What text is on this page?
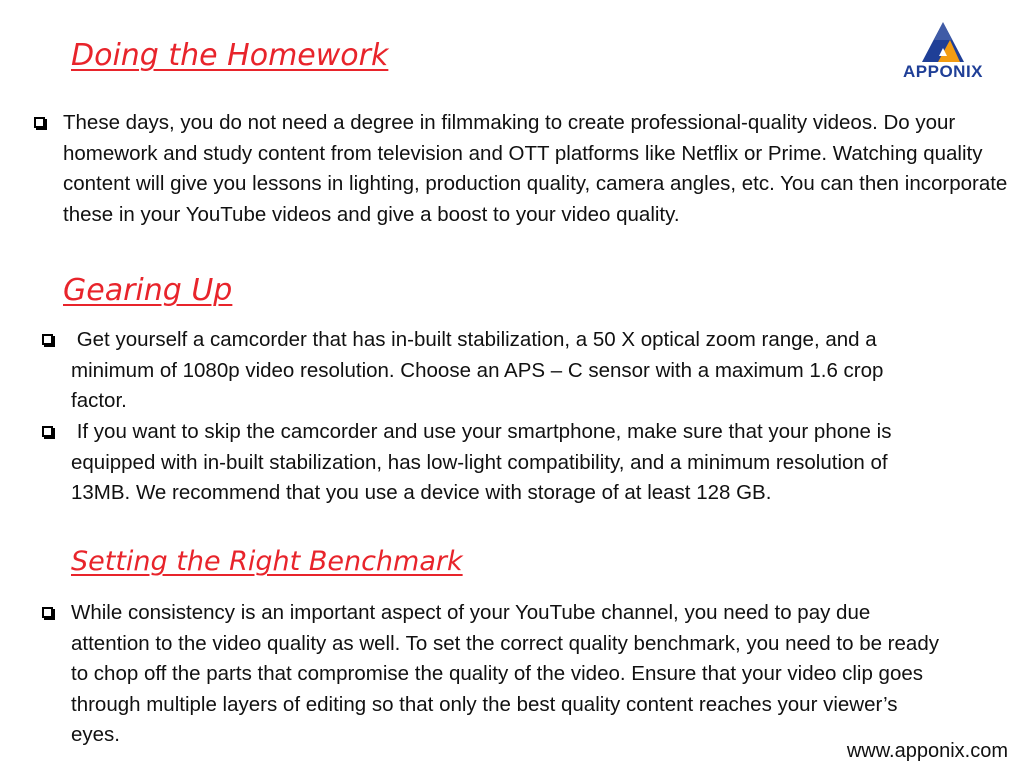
Doing the Homework
These days, you do not need a degree in filmmaking to create professional-quality videos. Do your homework and study content from television and OTT platforms like Netflix or Prime. Watching quality content will give you lessons in lighting, production quality, camera angles, etc. You can then incorporate these in your YouTube videos and give a boost to your video quality.
Gearing Up
Get yourself a camcorder that has in-built stabilization, a 50 X optical zoom range, and a minimum of 1080p video resolution. Choose an APS – C sensor with a maximum 1.6 crop factor.
If you want to skip the camcorder and use your smartphone, make sure that your phone is equipped with in-built stabilization, has low-light compatibility, and a minimum resolution of 13MB. We recommend that you use a device with storage of at least 128 GB.
Setting the Right Benchmark
While consistency is an important aspect of your YouTube channel, you need to pay due attention to the video quality as well. To set the correct quality benchmark, you need to be ready to chop off the parts that compromise the quality of the video. Ensure that your video clip goes through multiple layers of editing so that only the best quality content reaches your viewer’s eyes.
APPONIX
www.apponix.com
